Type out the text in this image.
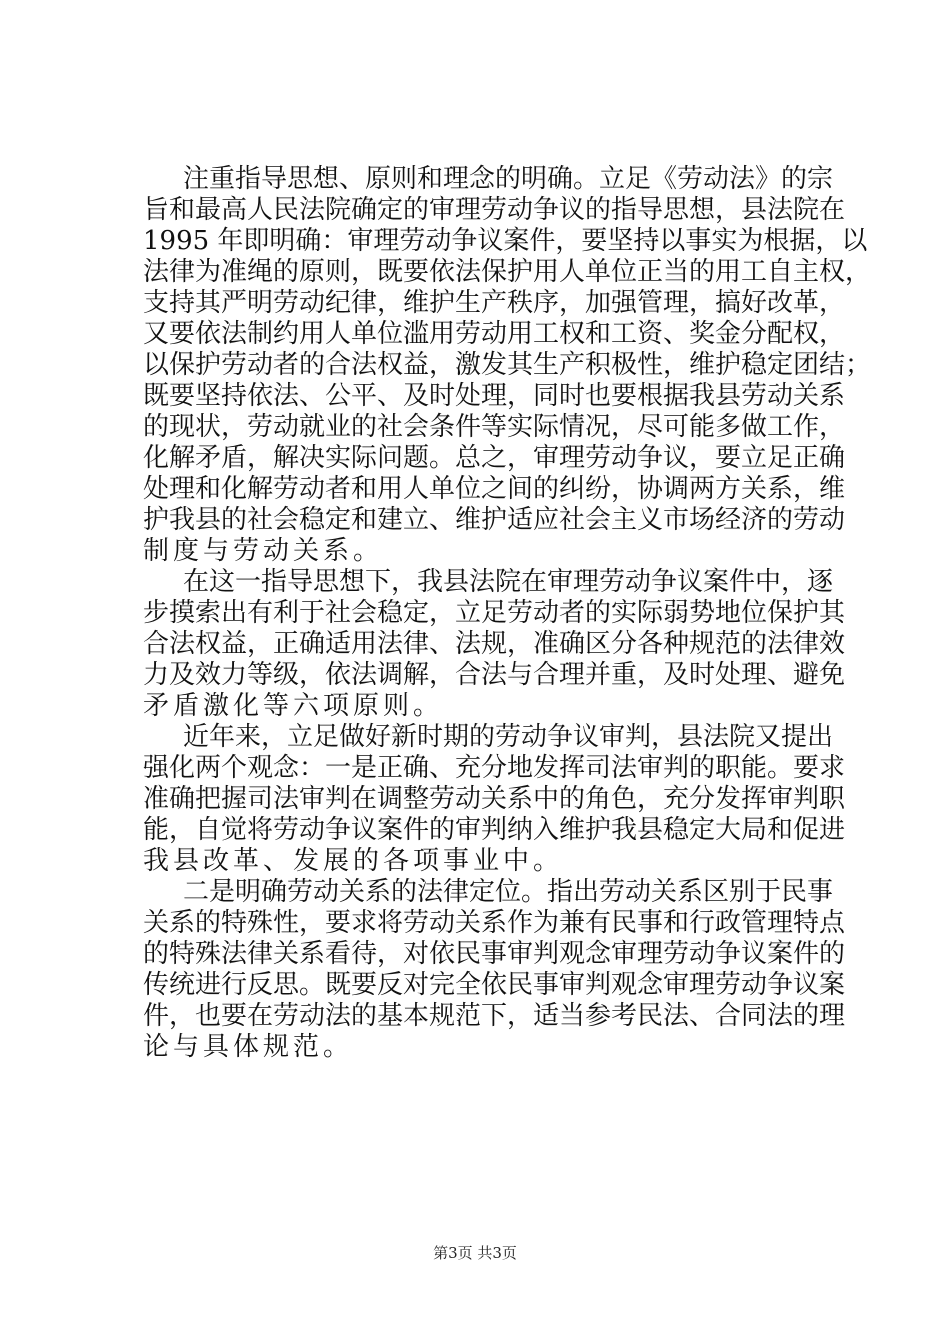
注重指导思想、原则和理念的明确。立足《劳动法》的宗
旨和最高人民法院确定的审理劳动争议的指导思想，县法院在
1995 年即明确：审理劳动争议案件，要坚持以事实为根据，以
法律为准绳的原则，既要依法保护用人单位正当的用工自主权，
支持其严明劳动纪律，维护生产秩序，加强管理，搞好改革，
又要依法制约用人单位滥用劳动用工权和工资、奖金分配权，
以保护劳动者的合法权益，激发其生产积极性，维护稳定团结；
既要坚持依法、公平、及时处理，同时也要根据我县劳动关系
的现状，劳动就业的社会条件等实际情况，尽可能多做工作，
化解矛盾，解决实际问题。总之，审理劳动争议，要立足正确
处理和化解劳动者和用人单位之间的纠纷，协调两方关系，维
护我县的社会稳定和建立、维护适应社会主义市场经济的劳动
制度与劳动关系。
在这一指导思想下，我县法院在审理劳动争议案件中，逐
步摸索出有利于社会稳定，立足劳动者的实际弱势地位保护其
合法权益，正确适用法律、法规，准确区分各种规范的法律效
力及效力等级，依法调解，合法与合理并重，及时处理、避免
矛盾激化等六项原则。
近年来，立足做好新时期的劳动争议审判，县法院又提出
强化两个观念：一是正确、充分地发挥司法审判的职能。要求
准确把握司法审判在调整劳动关系中的角色，充分发挥审判职
能，自觉将劳动争议案件的审判纳入维护我县稳定大局和促进
我县改革、发展的各项事业中。
二是明确劳动关系的法律定位。指出劳动关系区别于民事
关系的特殊性，要求将劳动关系作为兼有民事和行政管理特点
的特殊法律关系看待，对依民事审判观念审理劳动争议案件的
传统进行反思。既要反对完全依民事审判观念审理劳动争议案
件，也要在劳动法的基本规范下，适当参考民法、合同法的理
论与具体规范。
第3页 共3页
